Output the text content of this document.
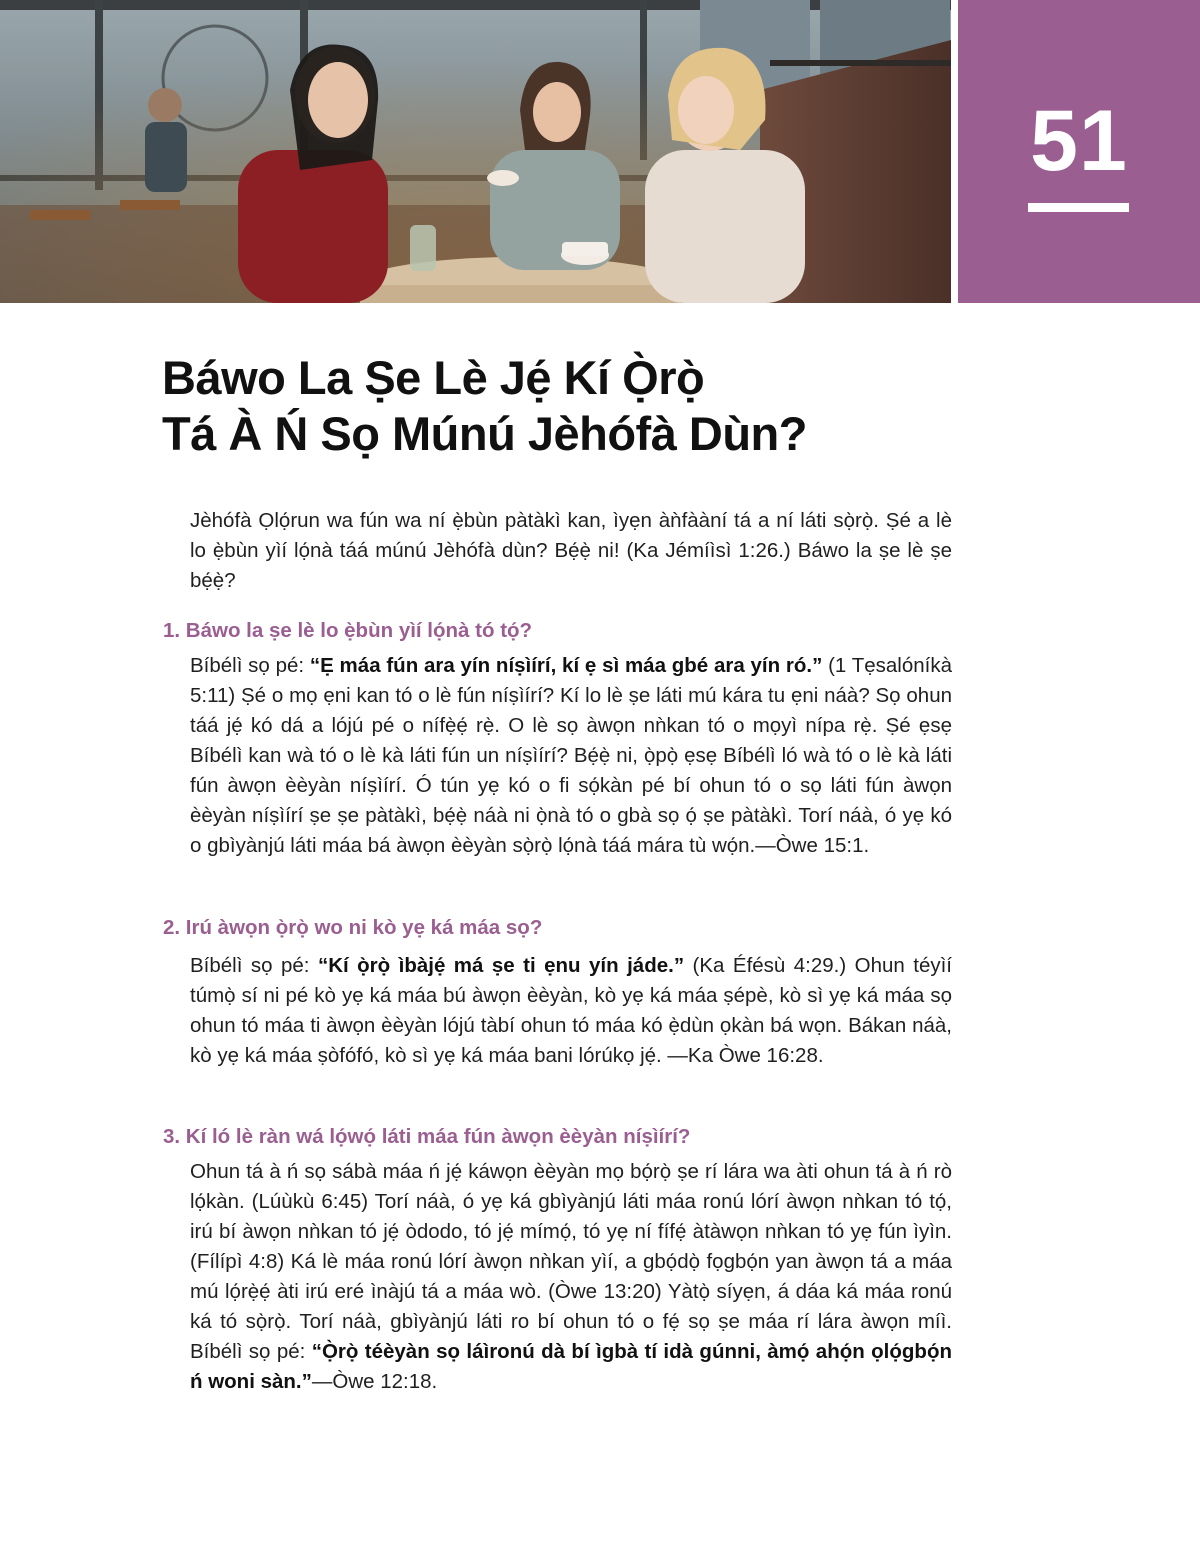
51
Báwo La Ṣe Lè Jẹ́ Kí Ọ̀rọ̀
Tá À Ń Sọ Múnú Jèhófà Dùn?
Jèhófà Ọlọ́run wa fún wa ní ẹ̀bùn pàtàkì kan, ìyẹn àǹfààní tá a ní láti sọ̀rọ̀. Ṣé a lè lo ẹ̀bùn yìí lọ́nà táá múnú Jèhófà dùn? Bẹ́ẹ̀ ni! (Ka Jémíìsì 1:26.) Báwo la ṣe lè ṣe bẹ́ẹ̀?
1. Báwo la ṣe lè lo ẹ̀bùn yìí lọ́nà tó tọ́?
Bíbélì sọ pé: “Ẹ máa fún ara yín níṣìírí, kí ẹ sì máa gbé ara yín ró.” (1 Tẹsalóníkà 5:11) Ṣé o mọ ẹni kan tó o lè fún níṣìírí? Kí lo lè ṣe láti mú kára tu ẹni náà? Sọ ohun táá jẹ́ kó dá a lójú pé o nífẹ̀ẹ́ rẹ̀. O lè sọ àwọn nǹkan tó o mọyì nípa rẹ̀. Ṣé ẹsẹ Bíbélì kan wà tó o lè kà láti fún un níṣìírí? Bẹ́ẹ̀ ni, ọ̀pọ̀ ẹsẹ Bíbélì ló wà tó o lè kà láti fún àwọn èèyàn níṣìírí. Ó tún yẹ kó o fi sọ́kàn pé bí ohun tó o sọ láti fún àwọn èèyàn níṣìírí ṣe ṣe pàtàkì, bẹ́ẹ̀ náà ni ọ̀nà tó o gbà sọ ọ́ ṣe pàtàkì. Torí náà, ó yẹ kó o gbìyànjú láti máa bá àwọn èèyàn sọ̀rọ̀ lọ́nà táá mára tù wọ́n.—Òwe 15:1.
2. Irú àwọn ọ̀rọ̀ wo ni kò yẹ ká máa sọ?
Bíbélì sọ pé: “Kí ọ̀rọ̀ ìbàjẹ́ má ṣe ti ẹnu yín jáde.” (Ka Éfésù 4:29.) Ohun téyìí túmọ̀ sí ni pé kò yẹ ká máa bú àwọn èèyàn, kò yẹ ká máa ṣépè, kò sì yẹ ká máa sọ ohun tó máa ti àwọn èèyàn lójú tàbí ohun tó máa kó ẹ̀dùn ọkàn bá wọn. Bákan náà, kò yẹ ká máa ṣòfófó, kò sì yẹ ká máa bani lórúkọ jẹ́. —Ka Òwe 16:28.
3. Kí ló lè ràn wá lọ́wọ́ láti máa fún àwọn èèyàn níṣìírí?
Ohun tá à ń sọ sábà máa ń jẹ́ káwọn èèyàn mọ bọ́rọ̀ ṣe rí lára wa àti ohun tá à ń rò lọ́kàn. (Lúùkù 6:45) Torí náà, ó yẹ ká gbìyànjú láti máa ronú lórí àwọn nǹkan tó tọ́, irú bí àwọn nǹkan tó jẹ́ òdodo, tó jẹ́ mímọ́, tó yẹ ní fífẹ́ àtàwọn nǹkan tó yẹ fún ìyìn. (Fílípì 4:8) Ká lè máa ronú lórí àwọn nǹkan yìí, a gbọ́dọ̀ fọgbọ́n yan àwọn tá a máa mú lọ́rẹ̀ẹ́ àti irú eré ìnàjú tá a máa wò. (Òwe 13:20) Yàtọ̀ síyẹn, á dáa ká máa ronú ká tó sọ̀rọ̀. Torí náà, gbìyànjú láti ro bí ohun tó o fẹ́ sọ ṣe máa rí lára àwọn míì. Bíbélì sọ pé: “Ọ̀rọ̀ téèyàn sọ láìronú dà bí ìgbà tí idà gúnni, àmọ́ ahọ́n ọlọ́gbọ́n ń woni sàn.”—Òwe 12:18.
